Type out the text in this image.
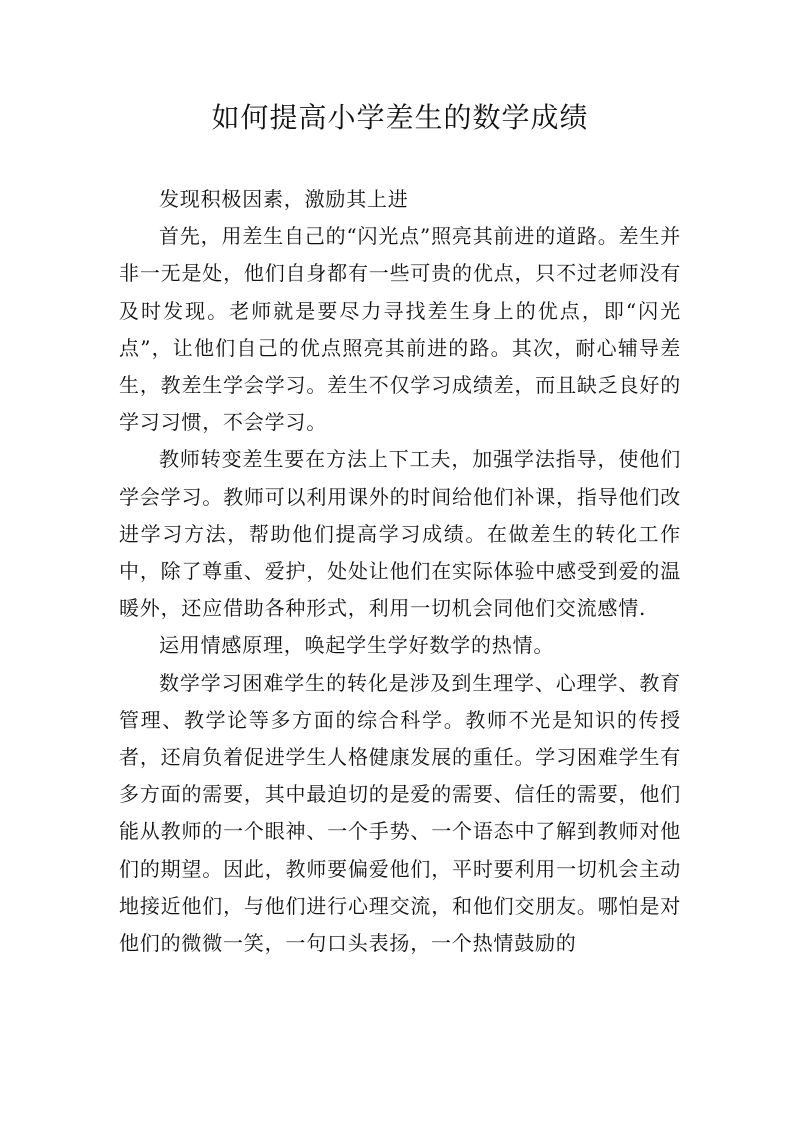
如何提高小学差生的数学成绩

发现积极因素，激励其上进

首先，用差生自己的“闪光点”照亮其前进的道路。差生并非一无是处，他们自身都有一些可贵的优点，只不过老师没有及时发现。老师就是要尽力寻找差生身上的优点，即“闪光点”，让他们自己的优点照亮其前进的路。其次，耐心辅导差生，教差生学会学习。差生不仅学习成绩差，而且缺乏良好的学习习惯，不会学习。

教师转变差生要在方法上下工夫，加强学法指导，使他们学会学习。教师可以利用课外的时间给他们补课，指导他们改进学习方法，帮助他们提高学习成绩。在做差生的转化工作中，除了尊重、爱护，处处让他们在实际体验中感受到爱的温暖外，还应借助各种形式，利用一切机会同他们交流感情.

运用情感原理，唤起学生学好数学的热情。

数学学习困难学生的转化是涉及到生理学、心理学、教育管理、教学论等多方面的综合科学。教师不光是知识的传授者，还肩负着促进学生人格健康发展的重任。学习困难学生有多方面的需要，其中最迫切的是爱的需要、信任的需要，他们能从教师的一个眼神、一个手势、一个语态中了解到教师对他们的期望。因此，教师要偏爱他们，平时要利用一切机会主动地接近他们，与他们进行心理交流，和他们交朋友。哪怕是对他们的微微一笑，一句口头表扬，一个热情鼓励的
